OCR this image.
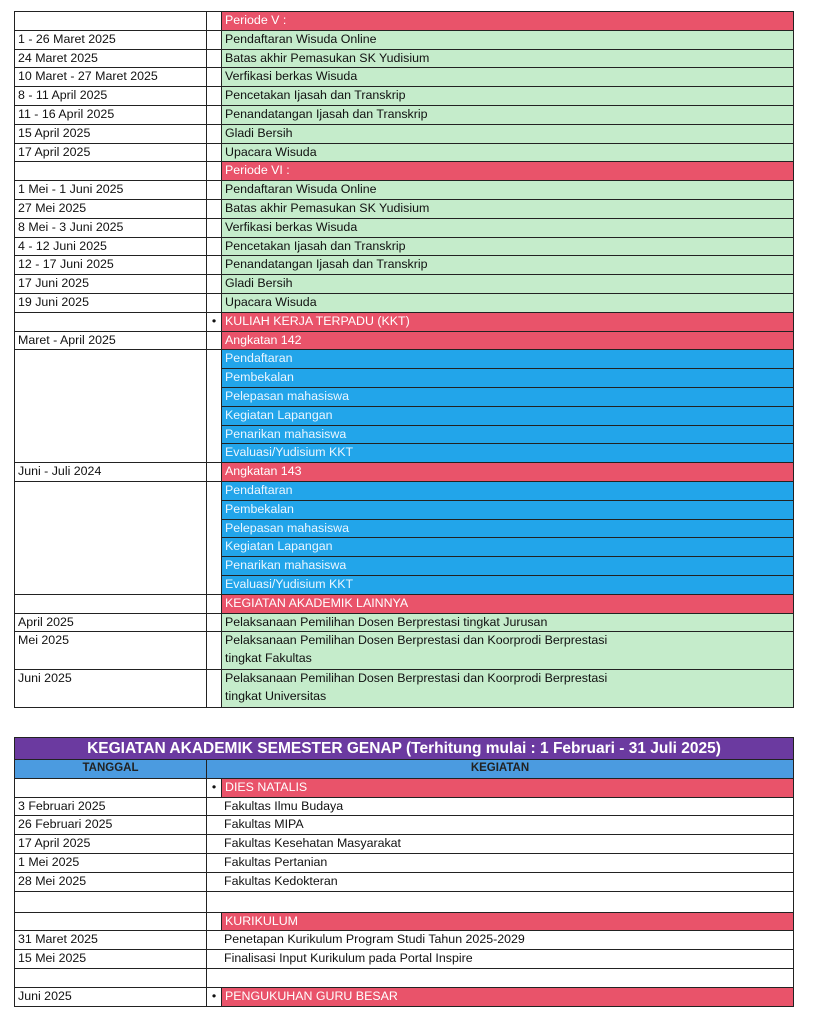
		Periode V :
1 - 26 Maret 2025		Pendaftaran Wisuda Online
24 Maret 2025		Batas akhir Pemasukan SK Yudisium
10 Maret - 27 Maret 2025		Verfikasi berkas Wisuda
8 - 11 April 2025		Pencetakan Ijasah dan Transkrip
11 - 16 April 2025		Penandatangan Ijasah dan Transkrip
15 April 2025		Gladi Bersih
17 April 2025		Upacara Wisuda
		Periode VI :
1 Mei - 1 Juni 2025		Pendaftaran Wisuda Online
27 Mei 2025		Batas akhir Pemasukan SK Yudisium
8 Mei - 3 Juni 2025		Verfikasi berkas Wisuda
4 - 12 Juni 2025		Pencetakan Ijasah dan Transkrip
12 - 17 Juni 2025		Penandatangan Ijasah dan Transkrip
17 Juni 2025		Gladi Bersih
19 Juni 2025		Upacara Wisuda
	•	KULIAH KERJA TERPADU (KKT)
Maret - April 2025		Angkatan 142
		Pendaftaran
		Pembekalan
		Pelepasan mahasiswa
		Kegiatan Lapangan
		Penarikan mahasiswa
		Evaluasi/Yudisium KKT
Juni - Juli 2024		Angkatan 143
		Pendaftaran
		Pembekalan
		Pelepasan mahasiswa
		Kegiatan Lapangan
		Penarikan mahasiswa
		Evaluasi/Yudisium KKT
		KEGIATAN AKADEMIK LAINNYA
April 2025		Pelaksanaan Pemilihan Dosen Berprestasi tingkat Jurusan
Mei 2025		Pelaksanaan Pemilihan Dosen Berprestasi dan Koorprodi Berprestasi
tingkat Fakultas

Juni 2025		Pelaksanaan Pemilihan Dosen Berprestasi dan Koorprodi Berprestasi
tingkat Universitas
KEGIATAN AKADEMIK SEMESTER GENAP (Terhitung mulai : 1 Februari - 31 Juli 2025)		
TANGGAL	KEGIATAN	
	•	DIES NATALIS
3 Februari 2025	Fakultas Ilmu Budaya	
26 Februari 2025	Fakultas MIPA	
17 April 2025	Fakultas Kesehatan Masyarakat	
1 Mei 2025	Fakultas Pertanian	
28 Mei 2025	Fakultas Kedokteran	

		KURIKULUM
31 Maret 2025	Penetapan Kurikulum Program Studi Tahun 2025-2029	
15 Mei 2025	Finalisasi Input Kurikulum pada Portal Inspire	

Juni 2025	•	PENGUKUHAN GURU BESAR
